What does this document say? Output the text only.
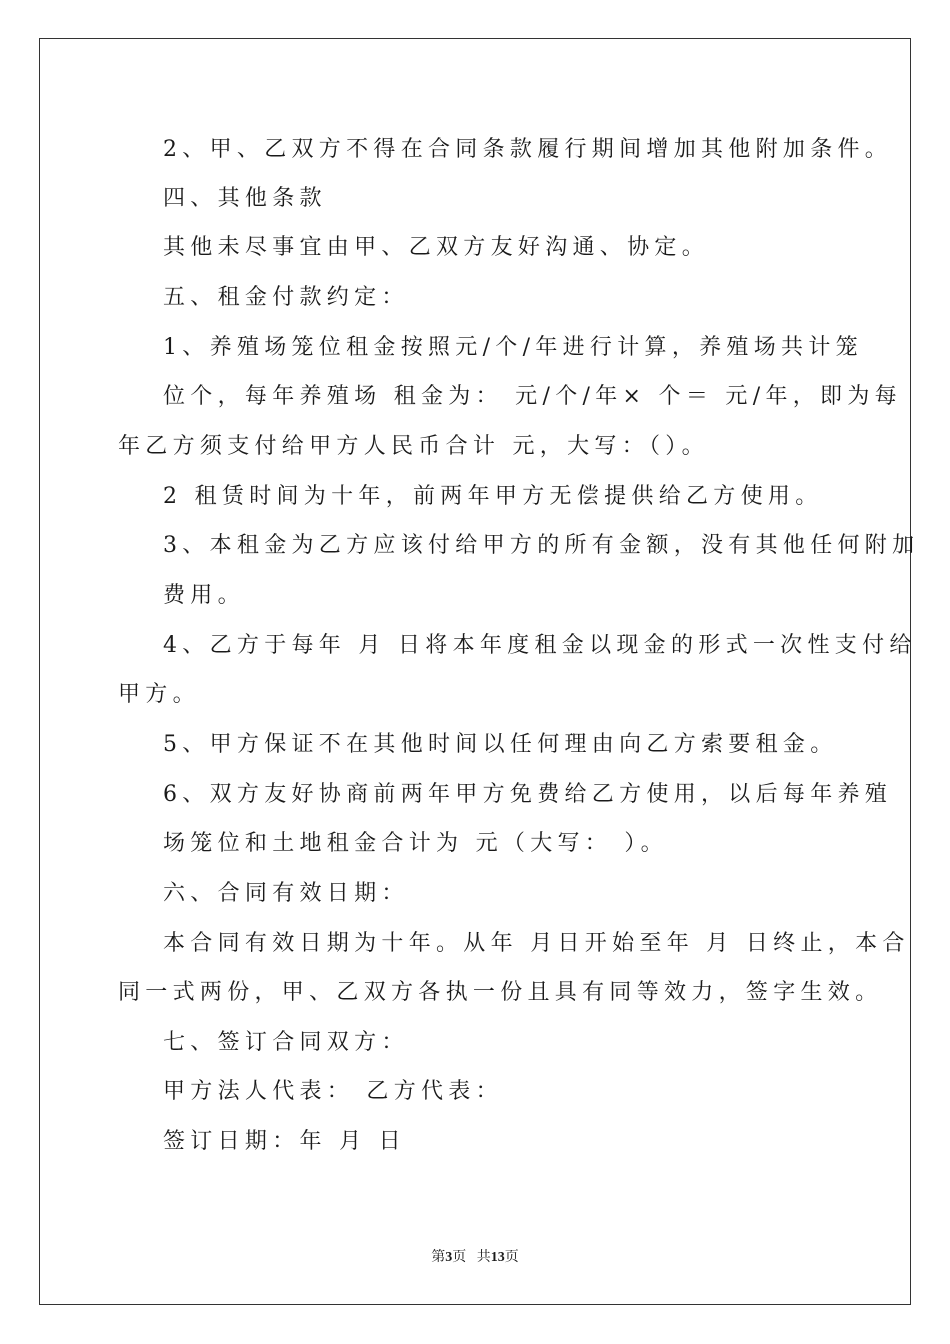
2、甲、乙双方不得在合同条款履行期间增加其他附加条件。
四、其他条款
其他未尽事宜由甲、乙双方友好沟通、协定。
五、租金付款约定：
1、养殖场笼位租金按照元/个/年进行计算，养殖场共计笼
位个，每年养殖场 租金为： 元/个/年× 个＝ 元/年，即为每
年乙方须支付给甲方人民币合计 元，大写：（）。
2 租赁时间为十年，前两年甲方无偿提供给乙方使用。
3、本租金为乙方应该付给甲方的所有金额，没有其他任何附加
费用。
4、乙方于每年 月 日将本年度租金以现金的形式一次性支付给
甲方。
5、甲方保证不在其他时间以任何理由向乙方索要租金。
6、双方友好协商前两年甲方免费给乙方使用，以后每年养殖
场笼位和土地租金合计为 元（大写： ）。
六、合同有效日期：
本合同有效日期为十年。从年 月日开始至年 月 日终止，本合
同一式两份，甲、乙双方各执一份且具有同等效力，签字生效。
七、签订合同双方：
甲方法人代表： 乙方代表：
签订日期：年 月 日
第3页 共13页
